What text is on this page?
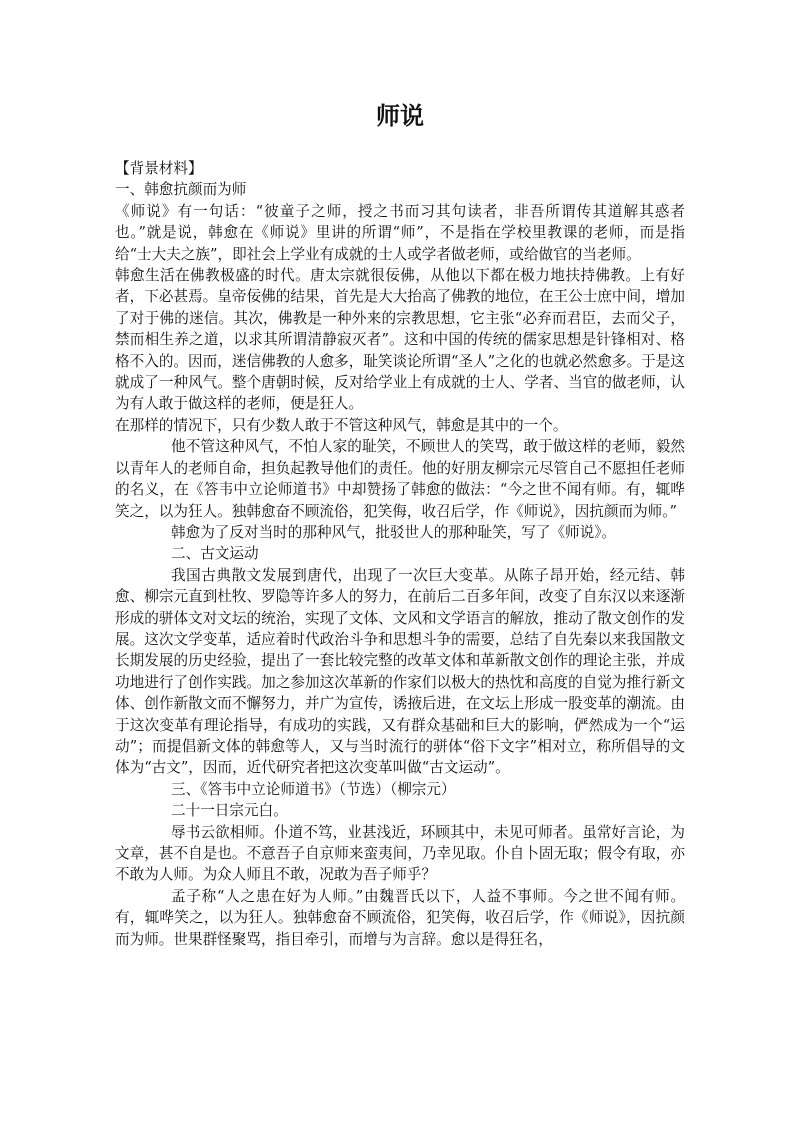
师说

【背景材料】

一、韩愈抗颜而为师

《师说》有一句话：“彼童子之师，授之书而习其句读者，非吾所谓传其道解其惑者也。”就是说，韩愈在《师说》里讲的所谓“师”，不是指在学校里教课的老师，而是指给“士大夫之族”，即社会上学业有成就的士人或学者做老师，或给做官的当老师。

韩愈生活在佛教极盛的时代。唐太宗就很佞佛，从他以下都在极力地扶持佛教。上有好者，下必甚焉。皇帝佞佛的结果，首先是大大抬高了佛教的地位，在王公士庶中间，增加了对于佛的迷信。其次，佛教是一种外来的宗教思想，它主张“必弃而君臣，去而父子，禁而相生养之道，以求其所谓清静寂灭者”。这和中国的传统的儒家思想是针锋相对、格格不入的。因而，迷信佛教的人愈多，耻笑谈论所谓“圣人”之化的也就必然愈多。于是这就成了一种风气。整个唐朝时候，反对给学业上有成就的士人、学者、当官的做老师，认为有人敢于做这样的老师，便是狂人。

在那样的情况下，只有少数人敢于不管这种风气，韩愈是其中的一个。

他不管这种风气，不怕人家的耻笑，不顾世人的笑骂，敢于做这样的老师，毅然以青年人的老师自命，担负起教导他们的责任。他的好朋友柳宗元尽管自己不愿担任老师的名义，在《答韦中立论师道书》中却赞扬了韩愈的做法：“今之世不闻有师。有，辄哗笑之，以为狂人。独韩愈奋不顾流俗，犯笑侮，收召后学，作《师说》，因抗颜而为师。”

韩愈为了反对当时的那种风气，批驳世人的那种耻笑，写了《师说》。

二、古文运动

我国古典散文发展到唐代，出现了一次巨大变革。从陈子昂开始，经元结、韩愈、柳宗元直到杜牧、罗隐等许多人的努力，在前后二百多年间，改变了自东汉以来逐渐形成的骈体文对文坛的统治，实现了文体、文风和文学语言的解放，推动了散文创作的发展。这次文学变革，适应着时代政治斗争和思想斗争的需要，总结了自先秦以来我国散文长期发展的历史经验，提出了一套比较完整的改革文体和革新散文创作的理论主张，并成功地进行了创作实践。加之参加这次革新的作家们以极大的热忱和高度的自觉为推行新文体、创作新散文而不懈努力，并广为宣传，诱掖后进，在文坛上形成一股变革的潮流。由于这次变革有理论指导，有成功的实践，又有群众基础和巨大的影响，俨然成为一个“运动”；而提倡新文体的韩愈等人，又与当时流行的骈体“俗下文字”相对立，称所倡导的文体为“古文”，因而，近代研究者把这次变革叫做“古文运动”。

三、《答韦中立论师道书》（节选）（柳宗元）

二十一日宗元白。

辱书云欲相师。仆道不笃，业甚浅近，环顾其中，未见可师者。虽常好言论，为文章，甚不自是也。不意吾子自京师来蛮夷间，乃幸见取。仆自卜固无取；假令有取，亦不敢为人师。为众人师且不敢，况敢为吾子师乎？

孟子称“人之患在好为人师。”由魏晋氏以下，人益不事师。今之世不闻有师。有，辄哗笑之，以为狂人。独韩愈奋不顾流俗，犯笑侮，收召后学，作《师说》，因抗颜而为师。世果群怪聚骂，指目牵引，而增与为言辞。愈以是得狂名，
